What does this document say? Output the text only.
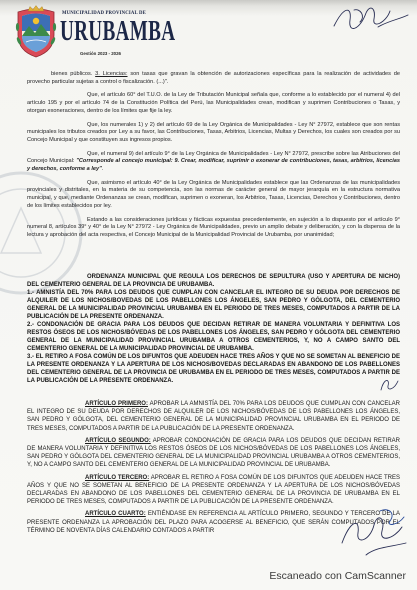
MUNICIPALIDAD PROVINCIAL DE
URUBAMBA
Gestión 2023 - 2026

bienes públicos. 3. Licencias: son tasas que gravan la obtención de autorizaciones específicas para la realización de actividades de provecho particular sujetas a control o fiscalización. (...)".

Que, el artículo 60° del T.U.O. de la Ley de Tributación Municipal señala que, conforme a lo establecido por el numeral 4) del artículo 195 y por el artículo 74 de la Constitución Política del Perú, las Municipalidades crean, modifican y suprimen Contribuciones o Tasas, y otorgan exoneraciones, dentro de los límites que fije la ley.

Que, los numerales 1) y 2) del artículo 69 de la Ley Orgánica de Municipalidades - Ley N° 27972, establece que son rentas municipales los tributos creados por Ley a su favor, las Contribuciones, Tasas, Arbitrios, Licencias, Multas y Derechos, los cuales son creados por su Concejo Municipal y que constituyen sus ingresos propios.

Que, el numeral 9) del artículo 9° de la Ley Orgánica de Municipalidades - Ley N° 27972, prescribe sobre las Atribuciones del Concejo Municipal: "Corresponde al concejo municipal: 9. Crear, modificar, suprimir o exonerar de contribuciones, tasas, arbitrios, licencias y derechos, conforme a ley".

Que, asimismo el artículo 40° de la Ley Orgánica de Municipalidades establece que las Ordenanzas de las municipalidades provinciales y distritales, en la materia de su competencia, son las normas de carácter general de mayor jerarquía en la estructura normativa municipal, y que, mediante Ordenanzas se crean, modifican, suprimen o exoneran, los Arbitrios, Tasas, Licencias, Derechos y Contribuciones, dentro de los límites establecidos por ley.

Estando a las consideraciones jurídicas y fácticas expuestas precedentemente, en sujeción a lo dispuesto por el artículo 9° numeral 8, artículos 39° y 40° de la Ley N° 27972 - Ley Orgánica de Municipalidades, previo un amplio debate y deliberación, y con la dispensa de la lectura y aprobación del acta respectiva, el Concejo Municipal de la Municipalidad Provincial de Urubamba, por unanimidad;

ORDENANZA MUNICIPAL QUE REGULA LOS DERECHOS DE SEPULTURA (USO Y APERTURA DE NICHO) DEL CEMENTERIO GENERAL DE LA PROVINCIA DE URUBAMBA.

1.- AMNISTÍA DEL 70% PARA LOS DEUDOS QUE CUMPLAN CON CANCELAR EL INTEGRO DE SU DEUDA POR DERECHOS DE ALQUILER DE LOS NICHOS/BOVEDAS DE LOS PABELLONES LOS ÁNGELES, SAN PEDRO Y GÓLGOTA, DEL CEMENTERIO GENERAL DE LA MUNICIPALIDAD PROVINCIAL URUBAMBA EN EL PERIODO DE TRES MESES, COMPUTADOS A PARTIR DE LA PUBLICACIÓN DE LA PRESENTE ORDENANZA.

2.- CONDONACIÓN DE GRACIA PARA LOS DEUDOS QUE DECIDAN RETIRAR DE MANERA VOLUNTARIA Y DEFINITIVA LOS RESTOS ÓSEOS DE LOS NICHOS/BÓVEDAS DE LOS PABELLONES LOS ÁNGELES, SAN PEDRO Y GÓLGOTA DEL CEMENTERIO GENERAL DE LA MUNICIPALIDAD PROVINCIAL URUBAMBA A OTROS CEMENTERIOS, Y, NO A CAMPO SANTO DEL CEMENTERIO GENERAL DE LA MUNICIPALIDAD PROVINCIAL DE URUBAMBA.

3.- EL RETIRO A FOSA COMÚN DE LOS DIFUNTOS QUE ADEUDEN HACE TRES AÑOS Y QUE NO SE SOMETAN AL BENEFICIO DE LA PRESENTE ORDENANZA Y LA APERTURA DE LOS NICHOS/BOVEDAS DECLARADAS EN ABANDONO DE LOS PABELLONES DEL CEMENTERIO GENERAL DE LA PROVINCIA DE URUBAMBA EN EL PERIODO DE TRES MESES, COMPUTADOS A PARTIR DE LA PUBLICACIÓN DE LA PRESENTE ORDENANZA.

ARTÍCULO PRIMERO: APROBAR LA AMNISTÍA DEL 70% PARA LOS DEUDOS QUE CUMPLAN CON CANCELAR EL INTEGRO DE SU DEUDA POR DERECHOS DE ALQUILER DE LOS NICHOS/BÓVEDAS DE LOS PABELLONES LOS ÁNGELES, SAN PEDRO Y GÓLGOTA, DEL CEMENTERIO GENERAL DE LA MUNICIPALIDAD PROVINCIAL URUBAMBA EN EL PERIODO DE TRES MESES, COMPUTADOS A PARTIR DE LA PUBLICACIÓN DE LA PRESENTE ORDENANZA.

ARTÍCULO SEGUNDO: APROBAR CONDONACIÓN DE GRACIA PARA LOS DEUDOS QUE DECIDAN RETIRAR DE MANERA VOLUNTARIA Y DEFINITIVA LOS RESTOS ÓSEOS DE LOS NICHOS/BÓVEDAS DE LOS PABELLONES LOS ÁNGELES, SAN PEDRO Y GÓLGOTA DEL CEMENTERIO GENERAL DE LA MUNICIPALIDAD PROVINCIAL URUBAMBA A OTROS CEMENTERIOS, Y, NO A CAMPO SANTO DEL CEMENTERIO GENERAL DE LA MUNICIPALIDAD PROVINCIAL DE URUBAMBA.

ARTÍCULO TERCERO: APROBAR EL RETIRO A FOSA COMÚN DE LOS DIFUNTOS QUE ADEUDEN HACE TRES AÑOS Y QUE NO SE SOMETAN AL BENEFICIO DE LA PRESENTE ORDENANZA Y LA APERTURA DE LOS NICHOS/BÓVEDAS DECLARADAS EN ABANDONO DE LOS PABELLONES DEL CEMENTERIO GENERAL DE LA PROVINCIA DE URUBAMBA EN EL PERIODO DE TRES MESES, COMPUTADOS A PARTIR DE LA PUBLICACIÓN DE LA PRESENTE ORDENANZA.

ARTÍCULO CUARTO: ENTIÉNDASE EN REFERENCIA AL ARTÍCULO PRIMERO, SEGUNDO Y TERCERO DE LA PRESENTE ORDENANZA LA APROBACIÓN DEL PLAZO PARA ACOGERSE AL BENEFICIO, QUE SERÁN COMPUTADOS POR EL TÉRMINO DE NOVENTA DÍAS CALENDARIO CONTADOS A PARTIR

Escaneado con CamScanner
